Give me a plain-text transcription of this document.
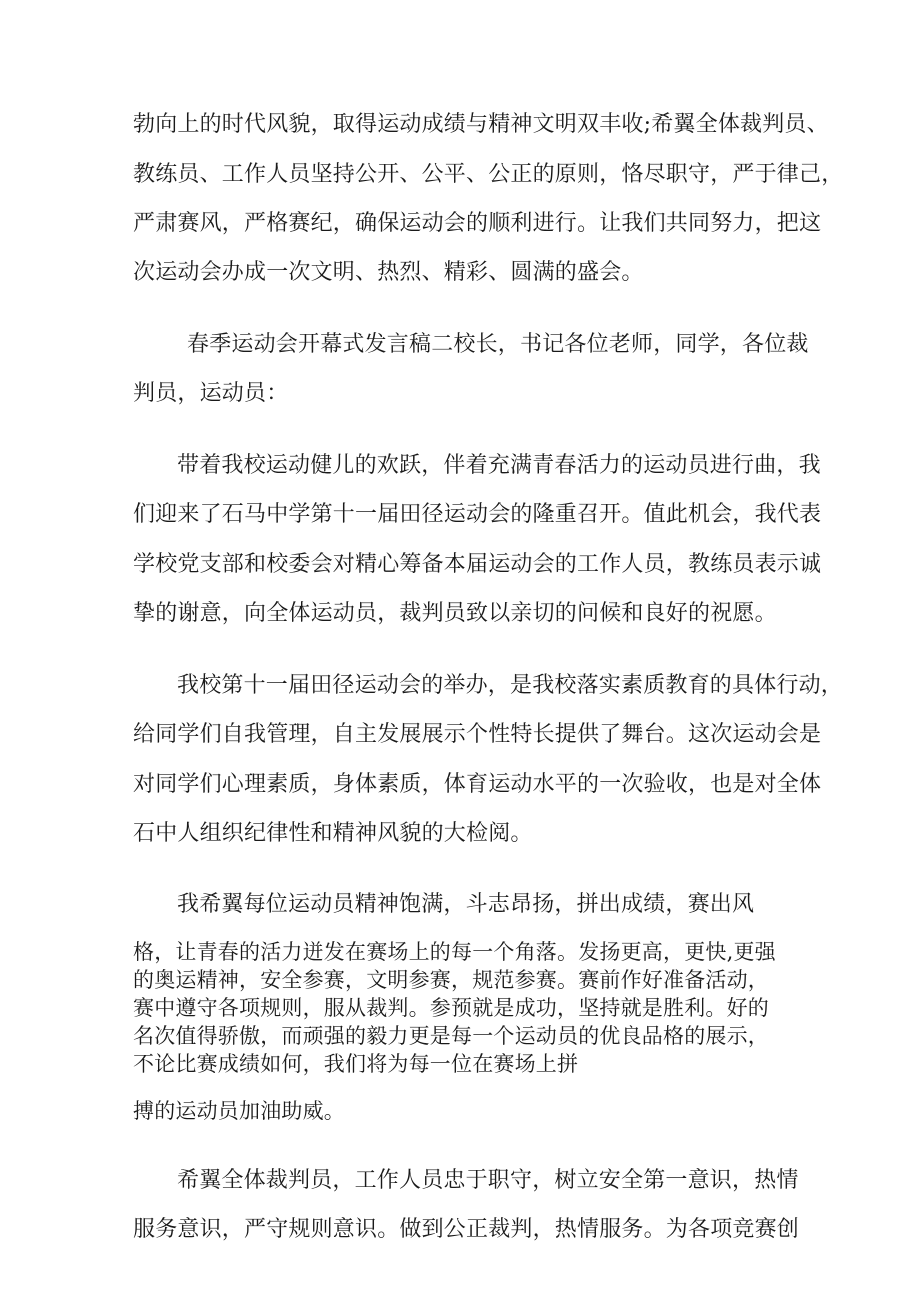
勃向上的时代风貌，取得运动成绩与精神文明双丰收;希翼全体裁判员、
教练员、工作人员坚持公开、公平、公正的原则，恪尽职守，严于律己，
严肃赛风，严格赛纪，确保运动会的顺利进行。让我们共同努力，把这
次运动会办成一次文明、热烈、精彩、圆满的盛会。
春季运动会开幕式发言稿二校长，书记各位老师，同学，各位裁
判员，运动员：
带着我校运动健儿的欢跃，伴着充满青春活力的运动员进行曲，我
们迎来了石马中学第十一届田径运动会的隆重召开。值此机会，我代表
学校党支部和校委会对精心筹备本届运动会的工作人员，教练员表示诚
挚的谢意，向全体运动员，裁判员致以亲切的问候和良好的祝愿。
我校第十一届田径运动会的举办，是我校落实素质教育的具体行动，
给同学们自我管理，自主发展展示个性特长提供了舞台。这次运动会是
对同学们心理素质，身体素质，体育运动水平的一次验收，也是对全体
石中人组织纪律性和精神风貌的大检阅。
我希翼每位运动员精神饱满，斗志昂扬，拼出成绩，赛出风
格，让青春的活力迸发在赛场上的每一个角落。发扬更高，更快,更强
的奥运精神，安全参赛，文明参赛，规范参赛。赛前作好准备活动，
赛中遵守各项规则，服从裁判。参预就是成功，坚持就是胜利。好的
名次值得骄傲，而顽强的毅力更是每一个运动员的优良品格的展示，
不论比赛成绩如何，我们将为每一位在赛场上拼
搏的运动员加油助威。
希翼全体裁判员，工作人员忠于职守，树立安全第一意识，热情
服务意识，严守规则意识。做到公正裁判，热情服务。为各项竞赛创
